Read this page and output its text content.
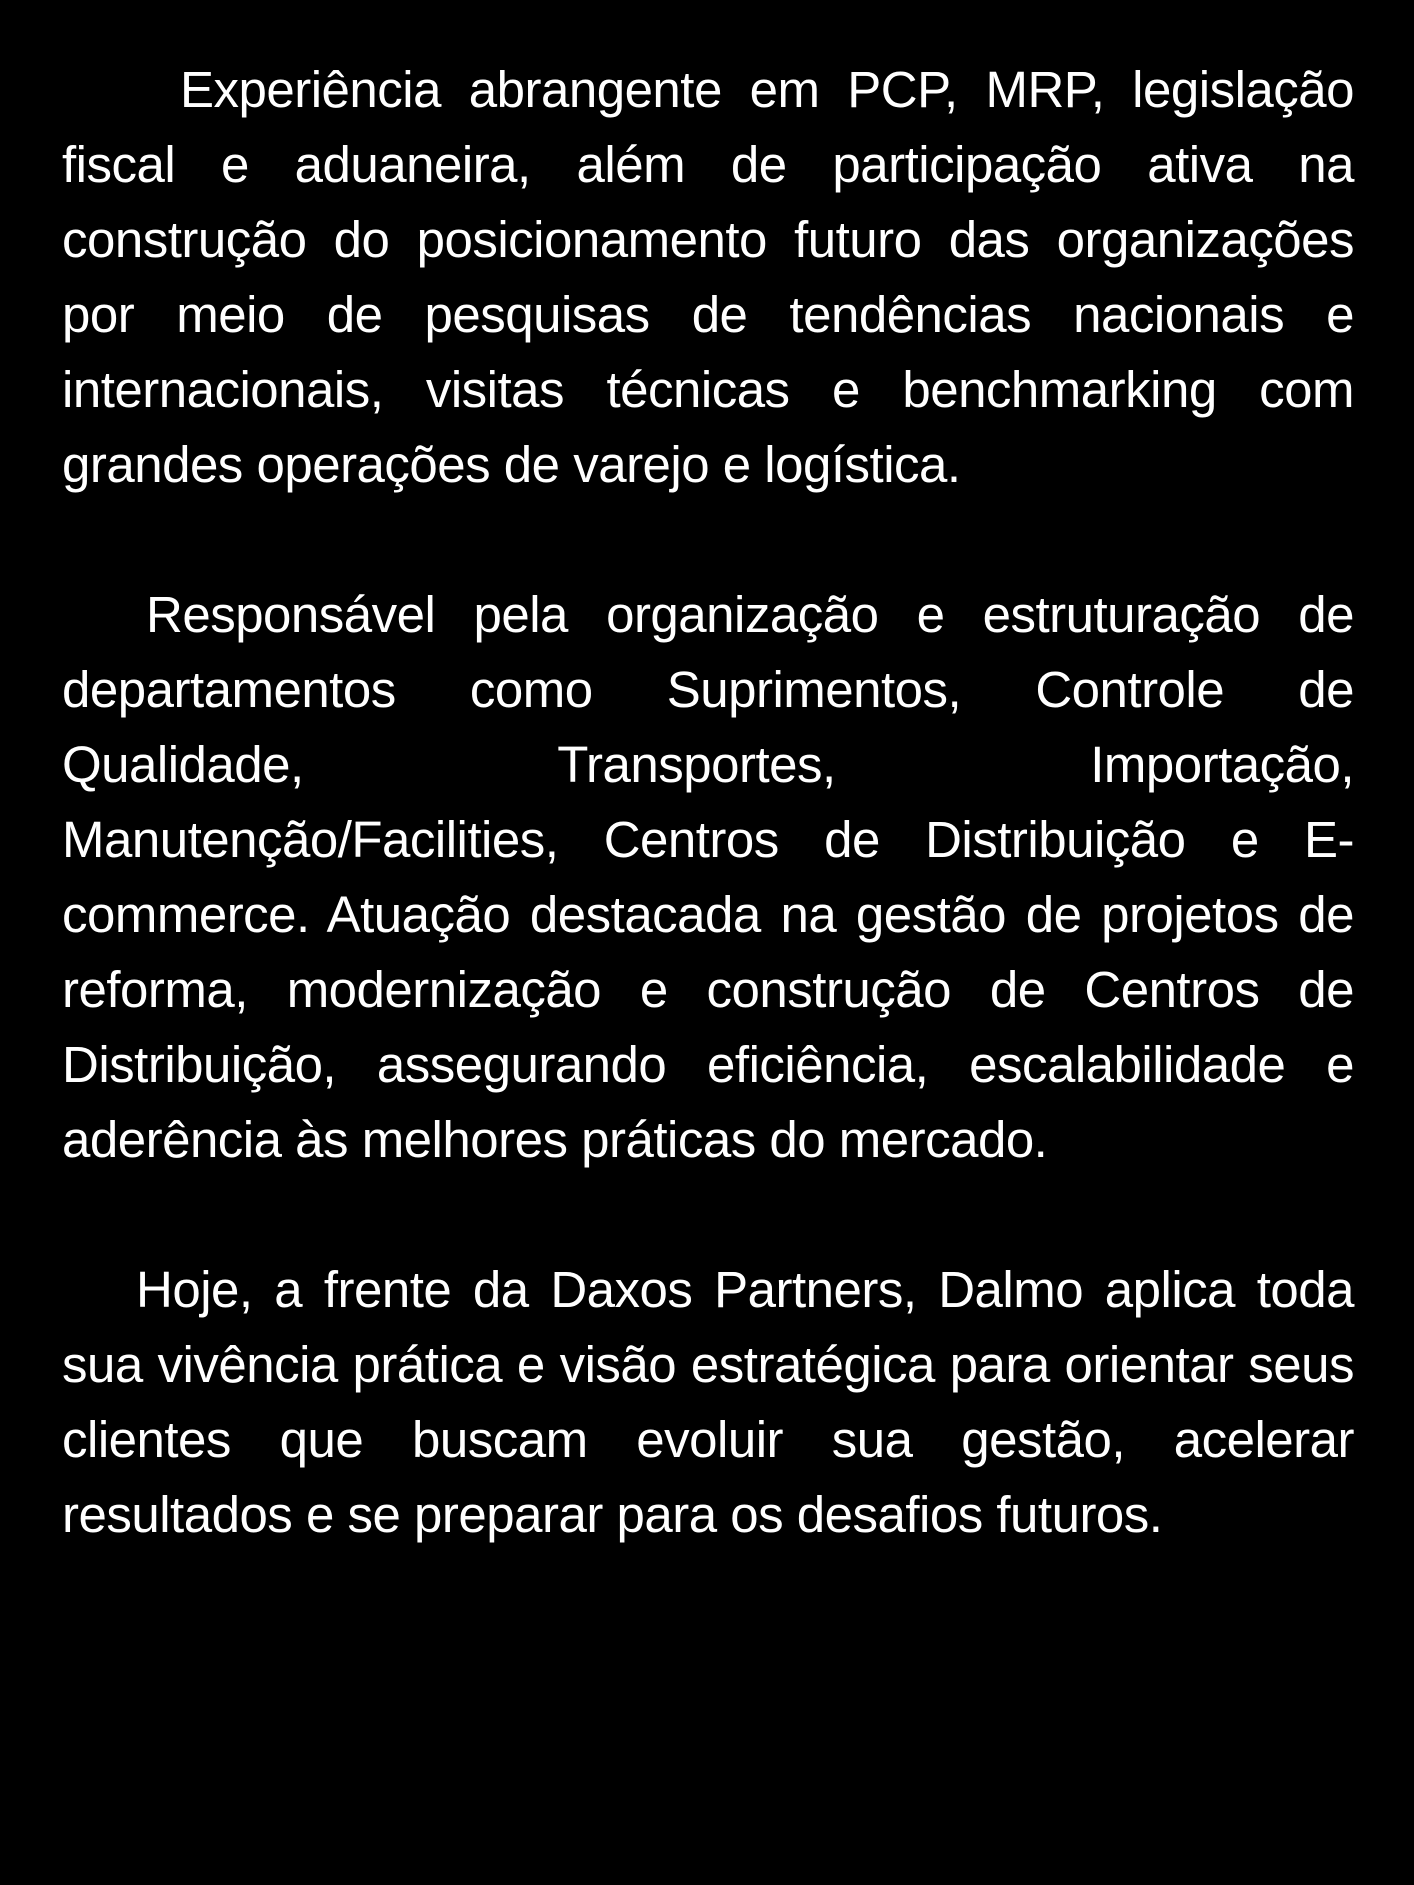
Experiência abrangente em PCP, MRP, legislação fiscal e aduaneira, além de participação ativa na construção do posicionamento futuro das organizações por meio de pesquisas de tendências nacionais e internacionais, visitas técnicas e benchmarking com grandes operações de varejo e logística.

Responsável pela organização e estruturação de departamentos como Suprimentos, Controle de Qualidade, Transportes, Importação, Manutenção/Facilities, Centros de Distribuição e E-commerce. Atuação destacada na gestão de projetos de reforma, modernização e construção de Centros de Distribuição, assegurando eficiência, escalabilidade e aderência às melhores práticas do mercado.

Hoje, a frente da Daxos Partners, Dalmo aplica toda sua vivência prática e visão estratégica para orientar seus clientes que buscam evoluir sua gestão, acelerar resultados e se preparar para os desafios futuros.
